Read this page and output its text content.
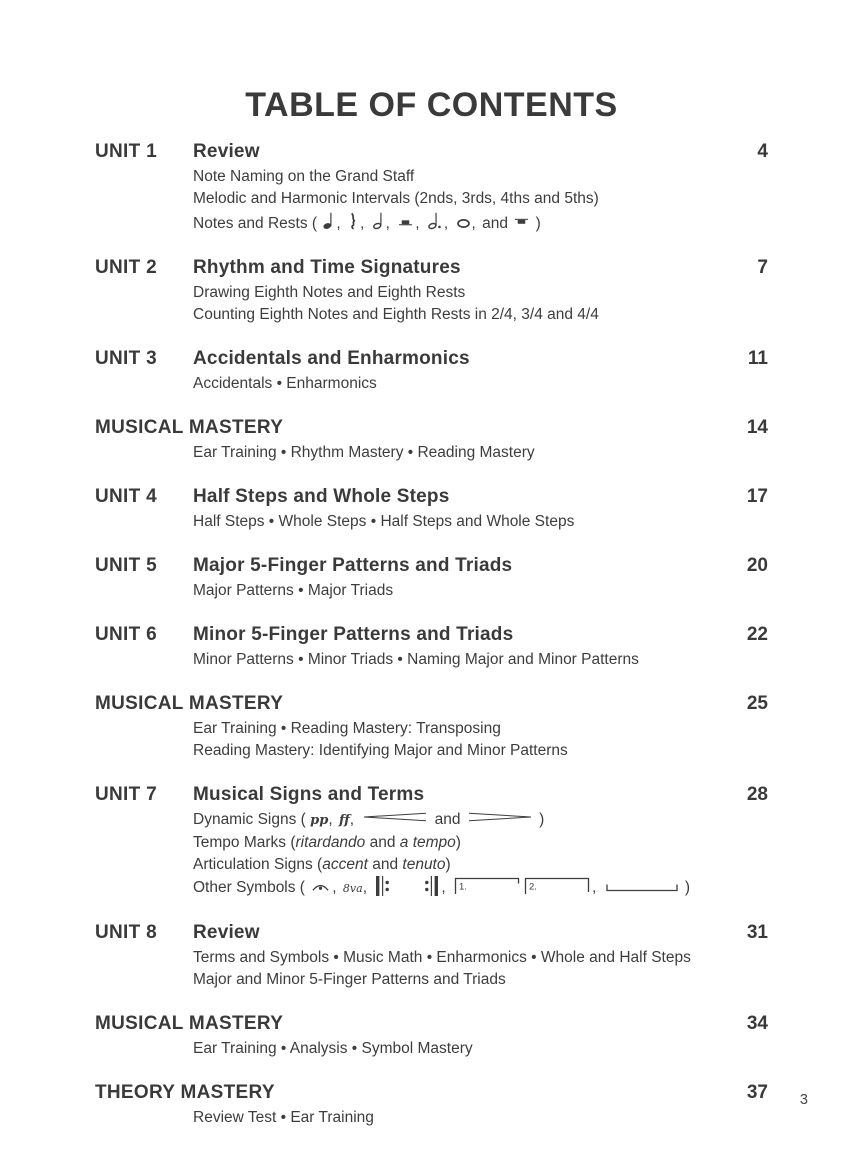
TABLE OF CONTENTS
UNIT 1	Review	4
Note Naming on the Grand Staff
Melodic and Harmonic Intervals (2nds, 3rds, 4ths and 5ths)
Notes and Rests ( , , , , , , and )
UNIT 2	Rhythm and Time Signatures	7
Drawing Eighth Notes and Eighth Rests
Counting Eighth Notes and Eighth Rests in 2/4, 3/4 and 4/4
UNIT 3	Accidentals and Enharmonics	11
Accidentals • Enharmonics
MUSICAL MASTERY	14
Ear Training • Rhythm Mastery • Reading Mastery
UNIT 4	Half Steps and Whole Steps	17
Half Steps • Whole Steps • Half Steps and Whole Steps
UNIT 5	Major 5-Finger Patterns and Triads	20
Major Patterns • Major Triads
UNIT 6	Minor 5-Finger Patterns and Triads	22
Minor Patterns • Minor Triads • Naming Major and Minor Patterns
MUSICAL MASTERY	25
Ear Training • Reading Mastery: Transposing
Reading Mastery: Identifying Major and Minor Patterns
UNIT 7	Musical Signs and Terms	28
Dynamic Signs ( pp, ff,	and	)
Tempo Marks (ritardando and a tempo)
Articulation Signs (accent and tenuto)
Other Symbols ( , 8va,	, 1.	2.	,	)
UNIT 8	Review	31
Terms and Symbols • Music Math • Enharmonics • Whole and Half Steps
Major and Minor 5-Finger Patterns and Triads
MUSICAL MASTERY	34
Ear Training • Analysis • Symbol Mastery
THEORY MASTERY	37
Review Test • Ear Training
3
